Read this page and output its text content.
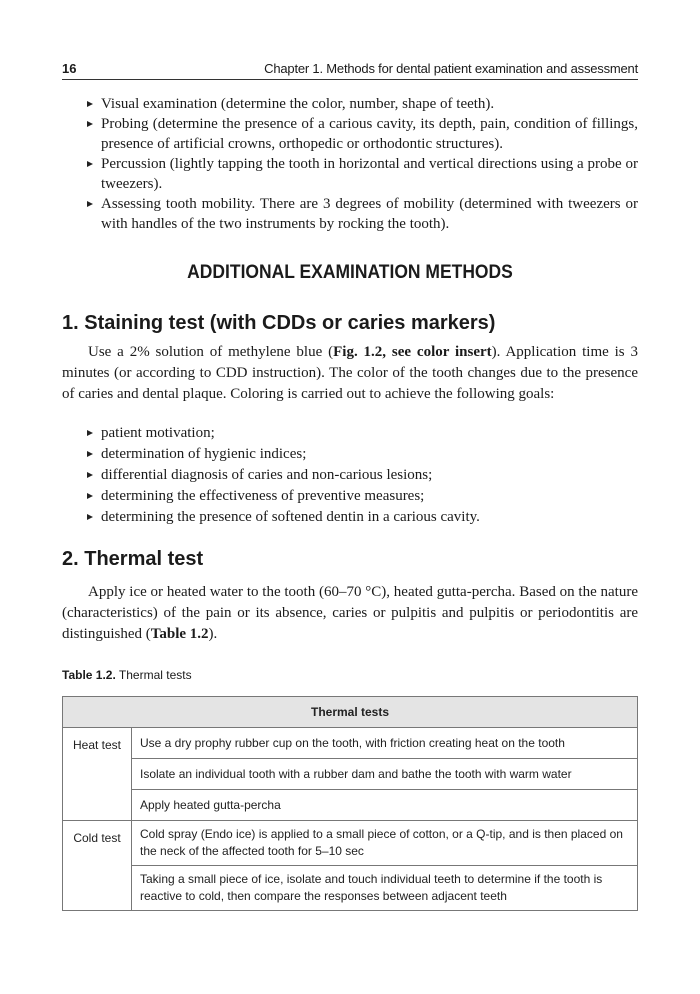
16	Chapter 1. Methods for dental patient examination and assessment
Visual examination (determine the color, number, shape of teeth).
Probing (determine the presence of a carious cavity, its depth, pain, condition of fillings, presence of artificial crowns, orthopedic or orthodontic structures).
Percussion (lightly tapping the tooth in horizontal and vertical directions using a probe or tweezers).
Assessing tooth mobility. There are 3 degrees of mobility (determined with tweezers or with handles of the two instruments by rocking the tooth).
ADDITIONAL EXAMINATION METHODS
1. Staining test (with CDDs or caries markers)

Use a 2% solution of methylene blue (Fig. 1.2, see color insert). Application time is 3 minutes (or according to CDD instruction). The color of the tooth changes due to the presence of caries and dental plaque. Coloring is carried out to achieve the following goals:

patient motivation;
determination of hygienic indices;
differential diagnosis of caries and non-carious lesions;
determining the effectiveness of preventive measures;
determining the presence of softened dentin in a carious cavity.
2. Thermal test

Apply ice or heated water to the tooth (60–70 °C), heated gutta-percha. Based on the nature (characteristics) of the pain or its absence, caries or pulpitis and pulpitis or periodontitis are distinguished (Table 1.2).

Table 1.2. Thermal tests
Thermal tests	
Heat test	Use a dry prophy rubber cup on the tooth, with friction creating heat on the tooth
	Isolate an individual tooth with a rubber dam and bathe the tooth with warm water
	Apply heated gutta-percha
Cold test	Cold spray (Endo ice) is applied to a small piece of cotton, or a Q-tip, and is then placed on the neck of the affected tooth for 5–10 sec
	Taking a small piece of ice, isolate and touch individual teeth to determine if the tooth is reactive to cold, then compare the responses between adjacent teeth
